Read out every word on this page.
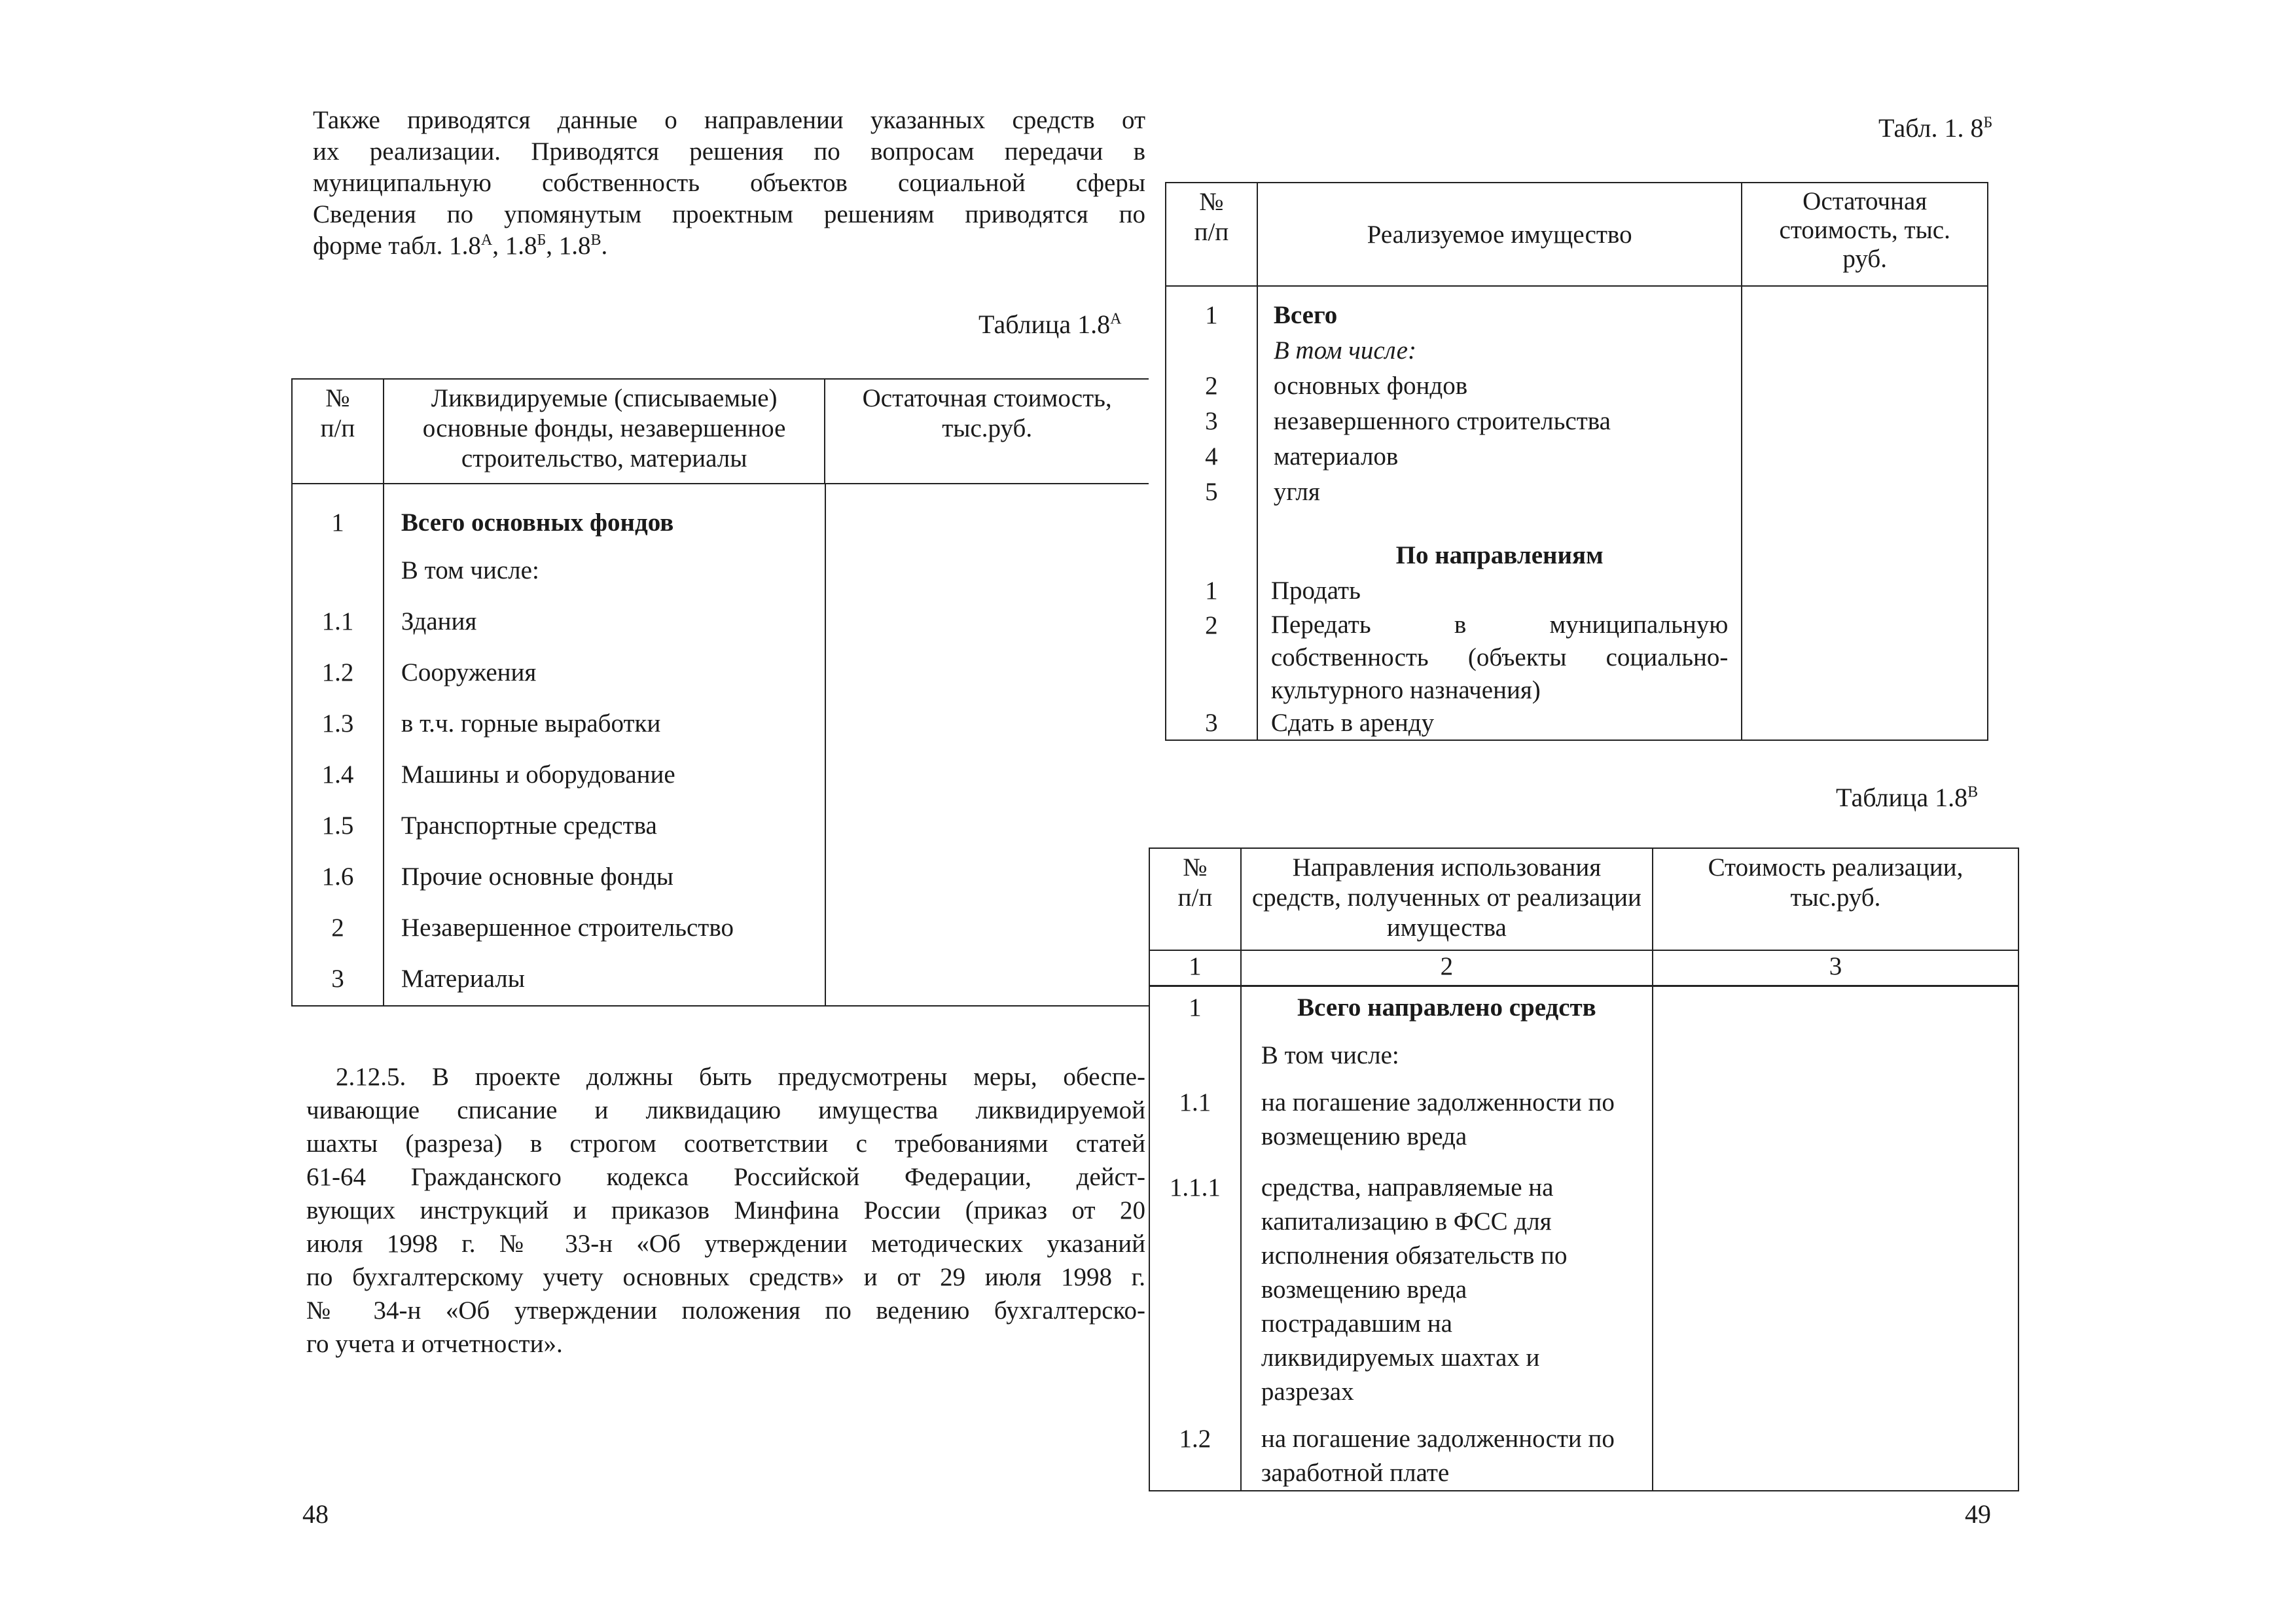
Также приводятся данные о направлении указанных средств от
их реализации. Приводятся решения по вопросам передачи в
муниципальную собственность объектов социальной сферы
Сведения по упомянутым проектным решениям приводятся по
форме табл. $1.8^А$, $1.8^Б$, $1.8^В$.
Таблица $1.8^А$
№ п/п	Ликвидируемые (списываемые) основные фонды, незавершенное строительство, материалы	Остаточная стоимость, тыс.руб.
1	Всего основных фондов	
	В том числе:	
1.1	Здания	
1.2	Сооружения	
1.3	в т.ч. горные выработки	
1.4	Машины и оборудование	
1.5	Транспортные средства	
1.6	Прочие основные фонды	
2	Незавершенное строительство	
3	Материалы	
2.12.5. В проекте должны быть предусмотрены меры, обеспе-
чивающие списание и ликвидацию имущества ликвидируемой
шахты (разреза) в строгом соответствии с требованиями статей
61-64 Гражданского кодекса Российской Федерации, дейст-
вующих инструкций и приказов Минфина России (приказ от 20
июля 1998 г. № 33-н «Об утверждении методических указаний
по бухгалтерскому учету основных средств» и от 29 июля 1998 г.
№ 34-н «Об утверждении положения по ведению бухгалтерско-
го учета и отчетности».
48
Табл. 1. $8^Б$
№ п/п	Реализуемое имущество	Остаточная стоимость, тыс. руб.
1	Всего	
	В том числе:	
2	основных фондов	
3	незавершенного строительства	
4	материалов	
5	угля	
	По направлениям	
1	Продать	
2	Передать в муниципальную собственность (объекты социально-культурного назначения)	
3	Сдать в аренду	
Таблица $1.8^В$
№ п/п	Направления использования средств, полученных от реализации имущества	Стоимость реализации, тыс.руб.
1	2	3
1	Всего направлено средств	
	В том числе:	
1.1	на погашение задолженности по возмещению вреда	
1.1.1	средства, направляемые на капитализацию в ФСС для исполнения обязательств по возмещению вреда пострадавшим на ликвидируемых шахтах и разрезах	
1.2	на погашение задолженности по заработной плате	
49
